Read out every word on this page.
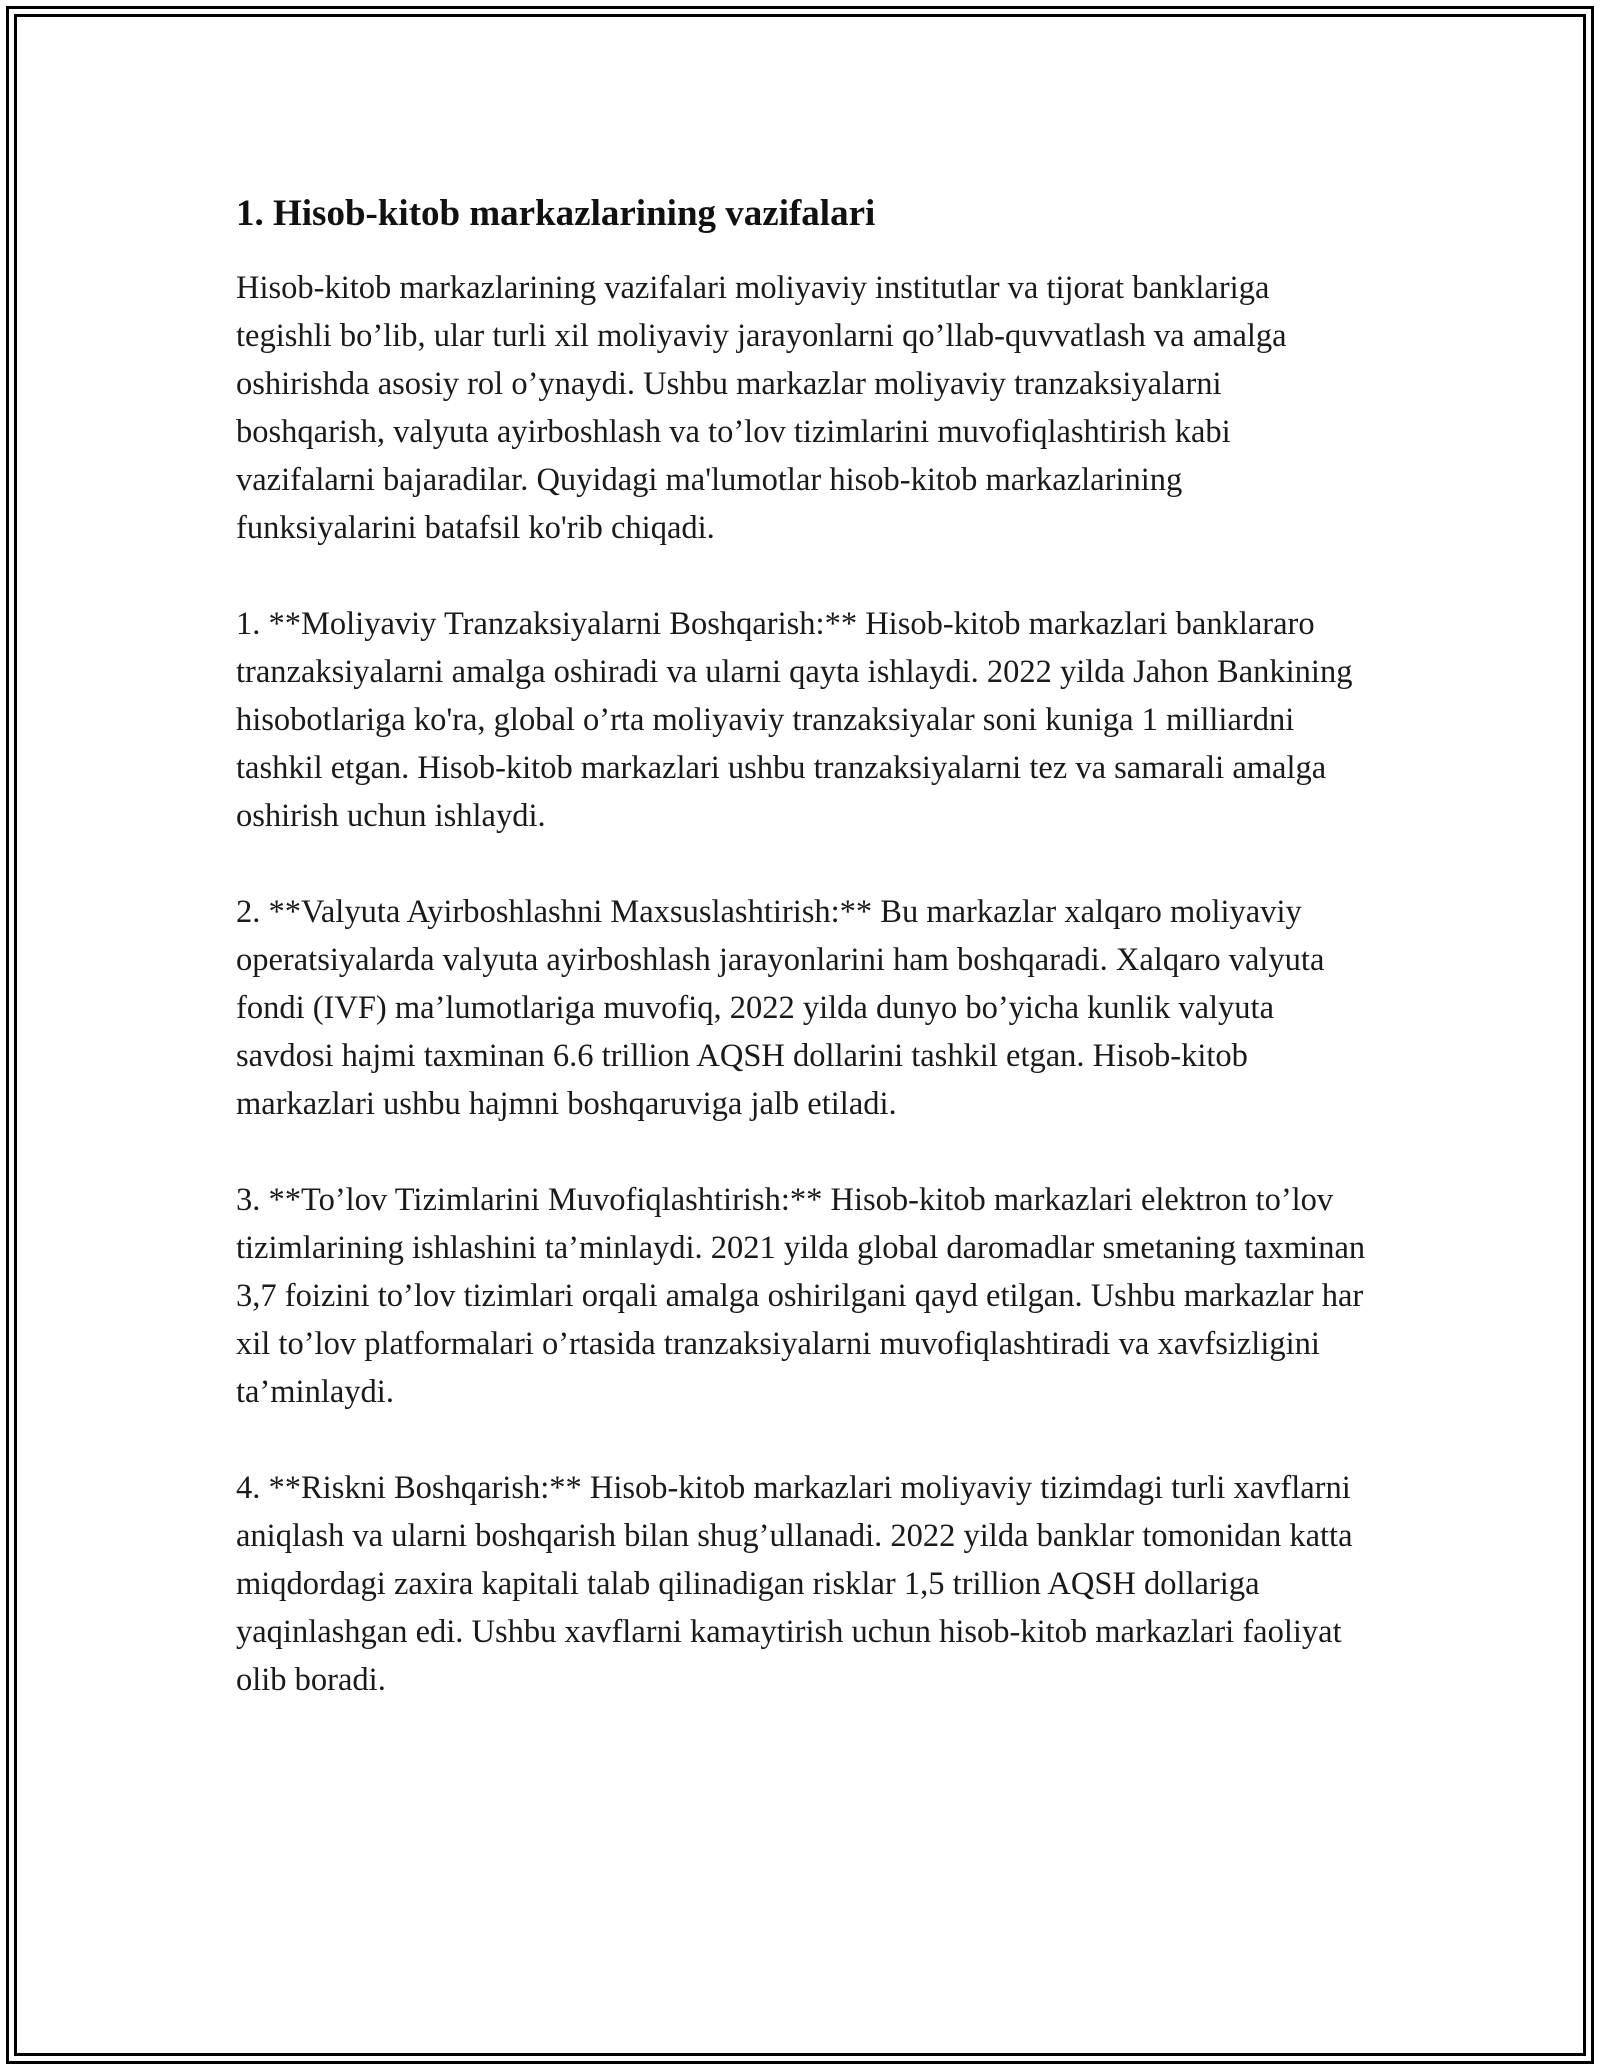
1. Hisob-kitob markazlarining vazifalari

Hisob-kitob markazlarining vazifalari moliyaviy institutlar va tijorat banklariga tegishli bo’lib, ular turli xil moliyaviy jarayonlarni qo’llab-quvvatlash va amalga oshirishda asosiy rol o’ynaydi. Ushbu markazlar moliyaviy tranzaksiyalarni boshqarish, valyuta ayirboshlash va to’lov tizimlarini muvofiqlashtirish kabi vazifalarni bajaradilar. Quyidagi ma'lumotlar hisob-kitob markazlarining funksiyalarini batafsil ko'rib chiqadi.

1. **Moliyaviy Tranzaksiyalarni Boshqarish:** Hisob-kitob markazlari banklararo tranzaksiyalarni amalga oshiradi va ularni qayta ishlaydi. 2022 yilda Jahon Bankining hisobotlariga ko'ra, global o’rta moliyaviy tranzaksiyalar soni kuniga 1 milliardni tashkil etgan. Hisob-kitob markazlari ushbu tranzaksiyalarni tez va samarali amalga oshirish uchun ishlaydi.

2. **Valyuta Ayirboshlashni Maxsuslashtirish:** Bu markazlar xalqaro moliyaviy operatsiyalarda valyuta ayirboshlash jarayonlarini ham boshqaradi. Xalqaro valyuta fondi (IVF) ma’lumotlariga muvofiq, 2022 yilda dunyo bo’yicha kunlik valyuta savdosi hajmi taxminan 6.6 trillion AQSH dollarini tashkil etgan. Hisob-kitob markazlari ushbu hajmni boshqaruviga jalb etiladi.

3. **To’lov Tizimlarini Muvofiqlashtirish:** Hisob-kitob markazlari elektron to’lov tizimlarining ishlashini ta’minlaydi. 2021 yilda global daromadlar smetaning taxminan 3,7 foizini to’lov tizimlari orqali amalga oshirilgani qayd etilgan. Ushbu markazlar har xil to’lov platformalari o’rtasida tranzaksiyalarni muvofiqlashtiradi va xavfsizligini ta’minlaydi.

4. **Riskni Boshqarish:** Hisob-kitob markazlari moliyaviy tizimdagi turli xavflarni aniqlash va ularni boshqarish bilan shug’ullanadi. 2022 yilda banklar tomonidan katta miqdordagi zaxira kapitali talab qilinadigan risklar 1,5 trillion AQSH dollariga yaqinlashgan edi. Ushbu xavflarni kamaytirish uchun hisob-kitob markazlari faoliyat olib boradi.
